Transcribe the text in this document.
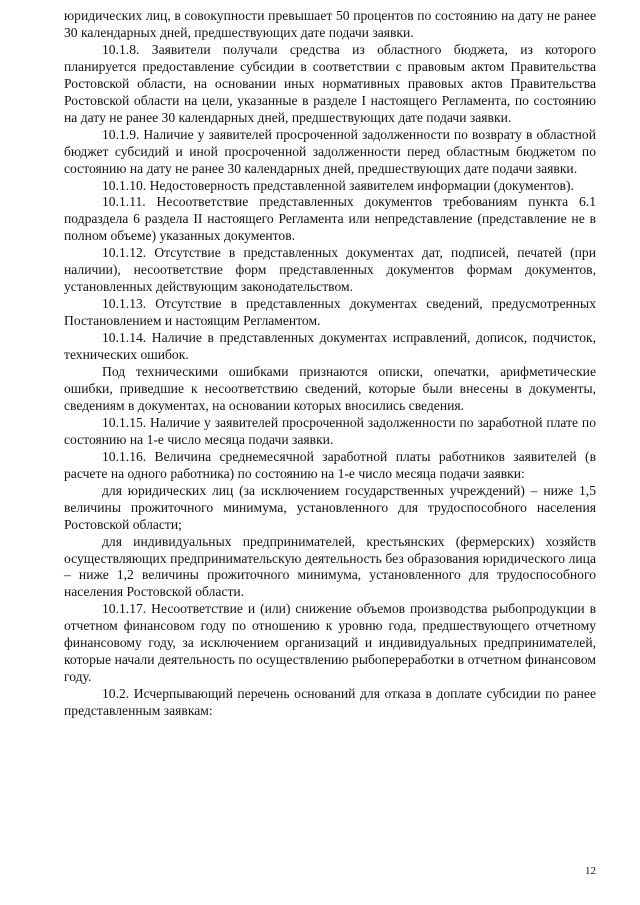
юридических лиц, в совокупности превышает 50 процентов по состоянию на дату не ранее 30 календарных дней, предшествующих дате подачи заявки.

10.1.8. Заявители получали средства из областного бюджета, из которого планируется предоставление субсидии в соответствии с правовым актом Правительства Ростовской области, на основании иных нормативных правовых актов Правительства Ростовской области на цели, указанные в разделе I настоящего Регламента, по состоянию на дату не ранее 30 календарных дней, предшествующих дате подачи заявки.

10.1.9. Наличие у заявителей просроченной задолженности по возврату в областной бюджет субсидий и иной просроченной задолженности перед областным бюджетом по состоянию на дату не ранее 30 календарных дней, предшествующих дате подачи заявки.

10.1.10. Недостоверность представленной заявителем информации (документов).

10.1.11. Несоответствие представленных документов требованиям пункта 6.1 подраздела 6 раздела II настоящего Регламента или непредставление (представление не в полном объеме) указанных документов.

10.1.12. Отсутствие в представленных документах дат, подписей, печатей (при наличии), несоответствие форм представленных документов формам документов, установленных действующим законодательством.

10.1.13. Отсутствие в представленных документах сведений, предусмотренных Постановлением и настоящим Регламентом.

10.1.14. Наличие в представленных документах исправлений, дописок, подчисток, технических ошибок.

Под техническими ошибками признаются описки, опечатки, арифметические ошибки, приведшие к несоответствию сведений, которые были внесены в документы, сведениям в документах, на основании которых вносились сведения.

10.1.15. Наличие у заявителей просроченной задолженности по заработной плате по состоянию на 1-е число месяца подачи заявки.

10.1.16. Величина среднемесячной заработной платы работников заявителей (в расчете на одного работника) по состоянию на 1-е число месяца подачи заявки:

для юридических лиц (за исключением государственных учреждений) – ниже 1,5 величины прожиточного минимума, установленного для трудоспособного населения Ростовской области;

для индивидуальных предпринимателей, крестьянских (фермерских) хозяйств осуществляющих предпринимательскую деятельность без образования юридического лица – ниже 1,2 величины прожиточного минимума, установленного для трудоспособного населения Ростовской области.

10.1.17. Несоответствие и (или) снижение объемов производства рыбопродукции в отчетном финансовом году по отношению к уровню года, предшествующего отчетному финансовому году, за исключением организаций и индивидуальных предпринимателей, которые начали деятельность по осуществлению рыбопереработки в отчетном финансовом году.

10.2. Исчерпывающий перечень оснований для отказа в доплате субсидии по ранее представленным заявкам:

12
